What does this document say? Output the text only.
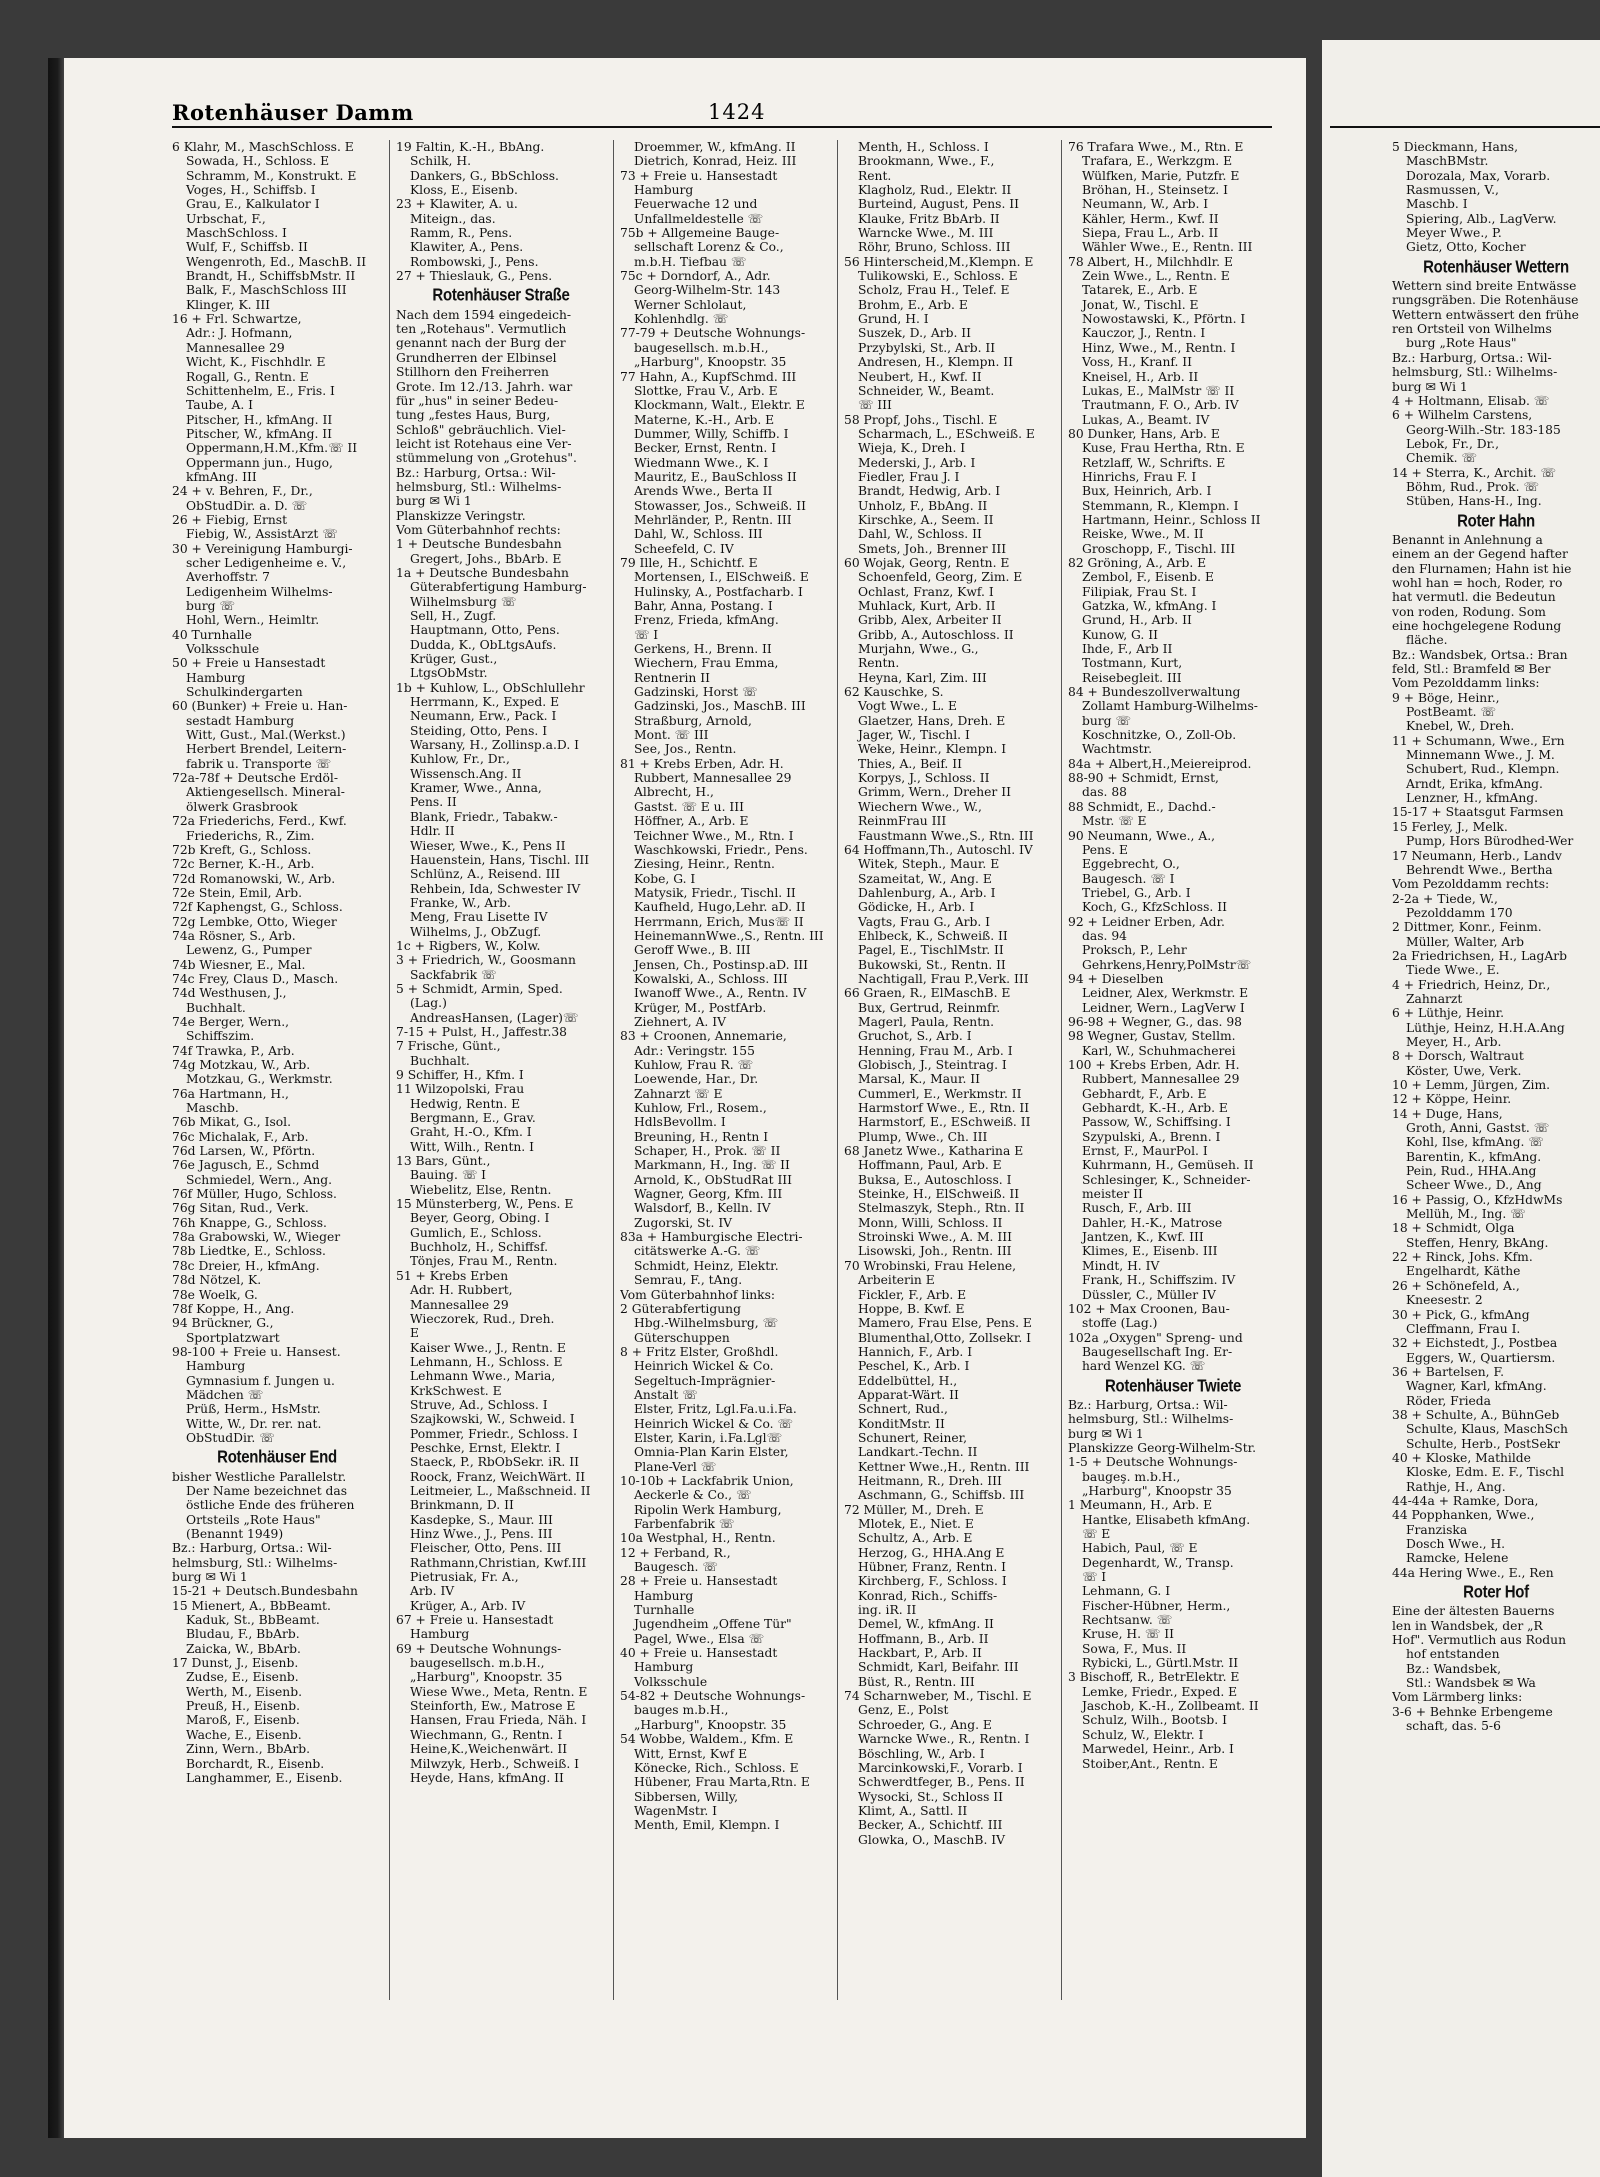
Rotenhäuser Damm	1424
6 Klahr, M., MaschSchloss. E
Sowada, H., Schloss. E
Schramm, M., Konstrukt. E
Voges, H., Schiffsb. I
Grau, E., Kalkulator I
Urbschat, F.,
MaschSchloss. I
Wulf, F., Schiffsb. II
Wengenroth, Ed., MaschB. II
Brandt, H., SchiffsbMstr. II
Balk, F., MaschSchloss III
Klinger, K. III
16 + Frl. Schwartze,
Adr.: J. Hofmann,
Mannesallee 29
Wicht, K., Fischhdlr. E
Rogall, G., Rentn. E
Schittenhelm, E., Fris. I
Taube, A. I
Pitscher, H., kfmAng. II
Pitscher, W., kfmAng. II
Oppermann,H.M.,Kfm.☏ II
Oppermann jun., Hugo,
kfmAng. III
24 + v. Behren, F., Dr.,
ObStudDir. a. D. ☏
26 + Fiebig, Ernst
Fiebig, W., AssistArzt ☏
30 + Vereinigung Hamburgi-
scher Ledigenheime e. V.,
Averhoffstr. 7
Ledigenheim Wilhelms-
burg ☏
Hohl, Wern., Heimltr.
40 Turnhalle
Volksschule
50 + Freie u Hansestadt
Hamburg
Schulkindergarten
60 (Bunker) + Freie u. Han-
sestadt Hamburg
Witt, Gust., Mal.(Werkst.)
Herbert Brendel, Leitern-
fabrik u. Transporte ☏
72a-78f + Deutsche Erdöl-
Aktiengesellsch. Mineral-
ölwerk Grasbrook
72a Friederichs, Ferd., Kwf.
Friederichs, R., Zim.
72b Kreft, G., Schloss.
72c Berner, K.-H., Arb.
72d Romanowski, W., Arb.
72e Stein, Emil, Arb.
72f Kaphengst, G., Schloss.
72g Lembke, Otto, Wieger
74a Rösner, S., Arb.
Lewenz, G., Pumper
74b Wiesner, E., Mal.
74c Frey, Claus D., Masch.
74d Westhusen, J.,
Buchhalt.
74e Berger, Wern.,
Schiffszim.
74f Trawka, P., Arb.
74g Motzkau, W., Arb.
Motzkau, G., Werkmstr.
76a Hartmann, H.,
Maschb.
76b Mikat, G., Isol.
76c Michalak, F., Arb.
76d Larsen, W., Pförtn.
76e Jagusch, E., Schmd
Schmiedel, Wern., Ang.
76f Müller, Hugo, Schloss.
76g Sitan, Rud., Verk.
76h Knappe, G., Schloss.
78a Grabowski, W., Wieger
78b Liedtke, E., Schloss.
78c Dreier, H., kfmAng.
78d Nötzel, K.
78e Woelk, G.
78f Koppe, H., Ang.
94 Brückner, G.,
Sportplatzwart
98-100 + Freie u. Hansest.
Hamburg
Gymnasium f. Jungen u.
Mädchen ☏
Prüß, Herm., HsMstr.
Witte, W., Dr. rer. nat.
ObStudDir. ☏
Rotenhäuser End
bisher Westliche Parallelstr.
Der Name bezeichnet das
östliche Ende des früheren
Ortsteils „Rote Haus"
(Benannt 1949)
Bz.: Harburg, Ortsa.: Wil-
helmsburg, Stl.: Wilhelms-
burg ✉ Wi 1
15-21 + Deutsch.Bundesbahn
15 Mienert, A., BbBeamt.
Kaduk, St., BbBeamt.
Bludau, F., BbArb.
Zaicka, W., BbArb.
17 Dunst, J., Eisenb.
Zudse, E., Eisenb.
Werth, M., Eisenb.
Preuß, H., Eisenb.
Maroß, F., Eisenb.
Wache, E., Eisenb.
Zinn, Wern., BbArb.
Borchardt, R., Eisenb.
Langhammer, E., Eisenb.
19 Faltin, K.-H., BbAng.
Schilk, H.
Dankers, G., BbSchloss.
Kloss, E., Eisenb.
23 + Klawiter, A. u.
Miteign., das.
Ramm, R., Pens.
Klawiter, A., Pens.
Rombowski, J., Pens.
27 + Thieslauk, G., Pens.
Rotenhäuser Straße
Nach dem 1594 eingedeich-
ten „Rotehaus". Vermutlich
genannt nach der Burg der
Grundherren der Elbinsel
Stillhorn den Freiherren
Grote. Im 12./13. Jahrh. war
für „hus" in seiner Bedeu-
tung „festes Haus, Burg,
Schloß" gebräuchlich. Viel-
leicht ist Rotehaus eine Ver-
stümmelung von „Grotehus".
Bz.: Harburg, Ortsa.: Wil-
helmsburg, Stl.: Wilhelms-
burg ✉ Wi 1
Planskizze Veringstr.
Vom Güterbahnhof rechts:
1 + Deutsche Bundesbahn
Gregert, Johs., BbArb. E
1a + Deutsche Bundesbahn
Güterabfertigung Hamburg-
Wilhelmsburg ☏
Sell, H., Zugf.
Hauptmann, Otto, Pens.
Dudda, K., ObLtgsAufs.
Krüger, Gust.,
LtgsObMstr.
1b + Kuhlow, L., ObSchlullehr
Herrmann, K., Exped. E
Neumann, Erw., Pack. I
Steiding, Otto, Pens. I
Warsany, H., Zollinsp.a.D. I
Kuhlow, Fr., Dr.,
Wissensch.Ang. II
Kramer, Wwe., Anna,
Pens. II
Blank, Friedr., Tabakw.-
Hdlr. II
Wieser, Wwe., K., Pens II
Hauenstein, Hans, Tischl. III
Schlünz, A., Reisend. III
Rehbein, Ida, Schwester IV
Franke, W., Arb.
Meng, Frau Lisette IV
Wilhelms, J., ObZugf.
1c + Rigbers, W., Kolw.
3 + Friedrich, W., Goosmann
Sackfabrik ☏
5 + Schmidt, Armin, Sped.
(Lag.)
AndreasHansen, (Lager)☏
7-15 + Pulst, H., Jaffestr.38
7 Frische, Günt.,
Buchhalt.
9 Schiffer, H., Kfm. I
11 Wilzopolski, Frau
Hedwig, Rentn. E
Bergmann, E., Grav.
Graht, H.-O., Kfm. I
Witt, Wilh., Rentn. I
13 Bars, Günt.,
Bauing. ☏ I
Wiebelitz, Else, Rentn.
15 Münsterberg, W., Pens. E
Beyer, Georg, Obing. I
Gumlich, E., Schloss.
Buchholz, H., Schiffsf.
Tönjes, Frau M., Rentn.
51 + Krebs Erben
Adr. H. Rubbert,
Mannesallee 29
Wieczorek, Rud., Dreh.
E
Kaiser Wwe., J., Rentn. E
Lehmann, H., Schloss. E
Lehmann Wwe., Maria,
KrkSchwest. E
Struve, Ad., Schloss. I
Szajkowski, W., Schweid. I
Pommer, Friedr., Schloss. I
Peschke, Ernst, Elektr. I
Staeck, P., RbObSekr. iR. II
Roock, Franz, WeichWärt. II
Leitmeier, L., Maßschneid. II
Brinkmann, D. II
Kasdepke, S., Maur. III
Hinz Wwe., J., Pens. III
Fleischer, Otto, Pens. III
Rathmann,Christian, Kwf.III
Pietrusiak, Fr. A.,
Arb. IV
Krüger, A., Arb. IV
67 + Freie u. Hansestadt
Hamburg
69 + Deutsche Wohnungs-
baugesellsch. m.b.H.,
„Harburg", Knoopstr. 35
Wiese Wwe., Meta, Rentn. E
Steinforth, Ew., Matrose E
Hansen, Frau Frieda, Näh. I
Wiechmann, G., Rentn. I
Heine,K.,Weichenwärt. II
Milwzyk, Herb., Schweiß. I
Heyde, Hans, kfmAng. II
Droemmer, W., kfmAng. II
Dietrich, Konrad, Heiz. III
73 + Freie u. Hansestadt
Hamburg
Feuerwache 12 und
Unfallmeldestelle ☏
75b + Allgemeine Bauge-
sellschaft Lorenz & Co.,
m.b.H. Tiefbau ☏
75c + Dorndorf, A., Adr.
Georg-Wilhelm-Str. 143
Werner Schlolaut,
Kohlenhdlg. ☏
77-79 + Deutsche Wohnungs-
baugesellsch. m.b.H.,
„Harburg", Knoopstr. 35
77 Hahn, A., KupfSchmd. III
Slottke, Frau V., Arb. E
Klockmann, Walt., Elektr. E
Materne, K.-H., Arb. E
Dummer, Willy, Schiffb. I
Becker, Ernst, Rentn. I
Wiedmann Wwe., K. I
Mauritz, E., BauSchloss II
Arends Wwe., Berta II
Stowasser, Jos., Schweiß. II
Mehrländer, P., Rentn. III
Dahl, W., Schloss. III
Scheefeld, C. IV
79 Ille, H., Schichtf. E
Mortensen, I., ElSchweiß. E
Hulinsky, A., Postfacharb. I
Bahr, Anna, Postang. I
Frenz, Frieda, kfmAng.
☏ I
Gerkens, H., Brenn. II
Wiechern, Frau Emma,
Rentnerin II
Gadzinski, Horst ☏
Gadzinski, Jos., MaschB. III
Straßburg, Arnold,
Mont. ☏ III
See, Jos., Rentn.
81 + Krebs Erben, Adr. H.
Rubbert, Mannesallee 29
Albrecht, H.,
Gastst. ☏ E u. III
Höffner, A., Arb. E
Teichner Wwe., M., Rtn. I
Waschkowski, Friedr., Pens.
Ziesing, Heinr., Rentn.
Kobe, G. I
Matysik, Friedr., Tischl. II
Kaufheld, Hugo,Lehr. aD. II
Herrmann, Erich, Mus☏ II
HeinemannWwe.,S., Rentn. III
Geroff Wwe., B. III
Jensen, Ch., Postinsp.aD. III
Kowalski, A., Schloss. III
Iwanoff Wwe., A., Rentn. IV
Krüger, M., PostfArb.
Ziehnert, A. IV
83 + Croonen, Annemarie,
Adr.: Veringstr. 155
Kuhlow, Frau R. ☏
Loewende, Har., Dr.
Zahnarzt ☏ E
Kuhlow, Frl., Rosem.,
HdlsBevollm. I
Breuning, H., Rentn I
Schaper, H., Prok. ☏ II
Markmann, H., Ing. ☏ II
Arnold, K., ObStudRat III
Wagner, Georg, Kfm. III
Walsdorf, B., Kelln. IV
Zugorski, St. IV
83a + Hamburgische Electri-
citätswerke A.-G. ☏
Schmidt, Heinz, Elektr.
Semrau, F., tAng.
Vom Güterbahnhof links:
2 Güterabfertigung
Hbg.-Wilhelmsburg, ☏
Güterschuppen
8 + Fritz Elster, Großhdl.
Heinrich Wickel & Co.
Segeltuch-Imprägnier-
Anstalt ☏
Elster, Fritz, Lgl.Fa.u.i.Fa.
Heinrich Wickel & Co. ☏
Elster, Karin, i.Fa.Lgl☏
Omnia-Plan Karin Elster,
Plane-Verl ☏
10-10b + Lackfabrik Union,
Aeckerle & Co., ☏
Ripolin Werk Hamburg,
Farbenfabrik ☏
10a Westphal, H., Rentn.
12 + Ferband, R.,
Baugesch. ☏
28 + Freie u. Hansestadt
Hamburg
Turnhalle
Jugendheim „Offene Tür"
Pagel, Wwe., Elsa ☏
40 + Freie u. Hansestadt
Hamburg
Volksschule
54-82 + Deutsche Wohnungs-
bauges m.b.H.,
„Harburg", Knoopstr. 35
54 Wobbe, Waldem., Kfm. E
Witt, Ernst, Kwf E
Könecke, Rich., Schloss. E
Hübener, Frau Marta,Rtn. E
Sibbersen, Willy,
WagenMstr. I
Menth, Emil, Klempn. I
Menth, H., Schloss. I
Brookmann, Wwe., F.,
Rent.
Klagholz, Rud., Elektr. II
Burteind, August, Pens. II
Klauke, Fritz BbArb. II
Warncke Wwe., M. III
Röhr, Bruno, Schloss. III
56 Hinterscheid,M.,Klempn. E
Tulikowski, E., Schloss. E
Scholz, Frau H., Telef. E
Brohm, E., Arb. E
Grund, H. I
Suszek, D., Arb. II
Przybylski, St., Arb. II
Andresen, H., Klempn. II
Neubert, H., Kwf. II
Schneider, W., Beamt.
☏ III
58 Propf, Johs., Tischl. E
Scharmach, L., ESchweiß. E
Wieja, K., Dreh. I
Mederski, J., Arb. I
Fiedler, Frau J. I
Brandt, Hedwig, Arb. I
Unholz, F., BbAng. II
Kirschke, A., Seem. II
Dahl, W., Schloss. II
Smets, Joh., Brenner III
60 Wojak, Georg, Rentn. E
Schoenfeld, Georg, Zim. E
Ochlast, Franz, Kwf. I
Muhlack, Kurt, Arb. II
Gribb, Alex, Arbeiter II
Gribb, A., Autoschloss. II
Murjahn, Wwe., G.,
Rentn.
Heyna, Karl, Zim. III
62 Kauschke, S.
Vogt Wwe., L. E
Glaetzer, Hans, Dreh. E
Jager, W., Tischl. I
Weke, Heinr., Klempn. I
Thies, A., Beif. II
Korpys, J., Schloss. II
Grimm, Wern., Dreher II
Wiechern Wwe., W.,
ReinmFrau III
Faustmann Wwe.,S., Rtn. III
64 Hoffmann,Th., Autoschl. IV
Witek, Steph., Maur. E
Szameitat, W., Ang. E
Dahlenburg, A., Arb. I
Gödicke, H., Arb. I
Vagts, Frau G., Arb. I
Ehlbeck, K., Schweiß. II
Pagel, E., TischlMstr. II
Bukowski, St., Rentn. II
Nachtigall, Frau P.,Verk. III
66 Graen, R., ElMaschB. E
Bux, Gertrud, Reinmfr.
Magerl, Paula, Rentn.
Gruchot, S., Arb. I
Henning, Frau M., Arb. I
Globisch, J., Steintrag. I
Marsal, K., Maur. II
Cummerl, E., Werkmstr. II
Harmstorf Wwe., E., Rtn. II
Harmstorf, E., ESchweiß. II
Plump, Wwe., Ch. III
68 Janetz Wwe., Katharina E
Hoffmann, Paul, Arb. E
Buksa, E., Autoschloss. I
Steinke, H., ElSchweiß. II
Stelmaszyk, Steph., Rtn. II
Monn, Willi, Schloss. II
Stroinski Wwe., A. M. III
Lisowski, Joh., Rentn. III
70 Wrobinski, Frau Helene,
Arbeiterin E
Fickler, F., Arb. E
Hoppe, B. Kwf. E
Mamero, Frau Else, Pens. E
Blumenthal,Otto, Zollsekr. I
Hannich, F., Arb. I
Peschel, K., Arb. I
Eddelbüttel, H.,
Apparat-Wärt. II
Schnert, Rud.,
KonditMstr. II
Schunert, Reiner,
Landkart.-Techn. II
Kettner Wwe.,H., Rentn. III
Heitmann, R., Dreh. III
Aschmann, G., Schiffsb. III
72 Müller, M., Dreh. E
Mlotek, E., Niet. E
Schultz, A., Arb. E
Herzog, G., HHA.Ang E
Hübner, Franz, Rentn. I
Kirchberg, F., Schloss. I
Konrad, Rich., Schiffs-
ing. iR. II
Demel, W., kfmAng. II
Hoffmann, B., Arb. II
Hackbart, P., Arb. II
Schmidt, Karl, Beifahr. III
Büst, R., Rentn. III
74 Scharnweber, M., Tischl. E
Genz, E., Polst
Schroeder, G., Ang. E
Warncke Wwe., R., Rentn. I
Böschling, W., Arb. I
Marcinkowski,F., Vorarb. I
Schwerdtfeger, B., Pens. II
Wysocki, St., Schloss II
Klimt, A., Sattl. II
Becker, A., Schichtf. III
Glowka, O., MaschB. IV
76 Trafara Wwe., M., Rtn. E
Trafara, E., Werkzgm. E
Wülfken, Marie, Putzfr. E
Bröhan, H., Steinsetz. I
Neumann, W., Arb. I
Kähler, Herm., Kwf. II
Siepa, Frau L., Arb. II
Wähler Wwe., E., Rentn. III
78 Albert, H., Milchhdlr. E
Zein Wwe., L., Rentn. E
Tatarek, E., Arb. E
Jonat, W., Tischl. E
Nowostawski, K., Pförtn. I
Kauczor, J., Rentn. I
Hinz, Wwe., M., Rentn. I
Voss, H., Kranf. II
Kneisel, H., Arb. II
Lukas, E., MalMstr ☏ II
Trautmann, F. O., Arb. IV
Lukas, A., Beamt. IV
80 Dunker, Hans, Arb. E
Kuse, Frau Hertha, Rtn. E
Retzlaff, W., Schrifts. E
Hinrichs, Frau F. I
Bux, Heinrich, Arb. I
Stemmann, R., Klempn. I
Hartmann, Heinr., Schloss II
Reiske, Wwe., M. II
Groschopp, F., Tischl. III
82 Gröning, A., Arb. E
Zembol, F., Eisenb. E
Filipiak, Frau St. I
Gatzka, W., kfmAng. I
Grund, H., Arb. II
Kunow, G. II
Ihde, F., Arb II
Tostmann, Kurt,
Reisebegleit. III
84 + Bundeszollverwaltung
Zollamt Hamburg-Wilhelms-
burg ☏
Koschnitzke, O., Zoll-Ob.
Wachtmstr.
84a + Albert,H.,Meiereiprod.
88-90 + Schmidt, Ernst,
das. 88
88 Schmidt, E., Dachd.-
Mstr. ☏ E
90 Neumann, Wwe., A.,
Pens. E
Eggebrecht, O.,
Baugesch. ☏ I
Triebel, G., Arb. I
Koch, G., KfzSchloss. II
92 + Leidner Erben, Adr.
das. 94
Proksch, P., Lehr
Gehrkens,Henry,PolMstr☏
94 + Dieselben
Leidner, Alex, Werkmstr. E
Leidner, Wern., LagVerw I
96-98 + Wegner, G., das. 98
98 Wegner, Gustav, Stellm.
Karl, W., Schuhmacherei
100 + Krebs Erben, Adr. H.
Rubbert, Mannesallee 29
Gebhardt, F., Arb. E
Gebhardt, K.-H., Arb. E
Passow, W., Schiffsing. I
Szypulski, A., Brenn. I
Ernst, F., MaurPol. I
Kuhrmann, H., Gemüseh. II
Schlesinger, K., Schneider-
meister II
Rusch, F., Arb. III
Dahler, H.-K., Matrose
Jantzen, K., Kwf. III
Klimes, E., Eisenb. III
Mindt, H. IV
Frank, H., Schiffszim. IV
Düssler, C., Müller IV
102 + Max Croonen, Bau-
stoffe (Lag.)
102a „Oxygen" Spreng- und
Baugesellschaft Ing. Er-
hard Wenzel KG. ☏
Rotenhäuser Twiete
Bz.: Harburg, Ortsa.: Wil-
helmsburg, Stl.: Wilhelms-
burg ✉ Wi 1
Planskizze Georg-Wilhelm-Str.
1-5 + Deutsche Wohnungs-
baugeş. m.b.H.,
„Harburg", Knoopstr 35
1 Meumann, H., Arb. E
Hantke, Elisabeth kfmAng.
☏ E
Habich, Paul, ☏ E
Degenhardt, W., Transp.
☏ I
Lehmann, G. I
Fischer-Hübner, Herm.,
Rechtsanw. ☏
Kruse, H. ☏ II
Sowa, F., Mus. II
Rybicki, L., Gürtl.Mstr. II
3 Bischoff, R., BetrElektr. E
Lemke, Friedr., Exped. E
Jaschob, K.-H., Zollbeamt. II
Schulz, Wilh., Bootsb. I
Schulz, W., Elektr. I
Marwedel, Heinr., Arb. I
Stoiber,Ant., Rentn. E
5 Dieckmann, Hans,
MaschBMstr.
Dorozala, Max, Vorarb.
Rasmussen, V.,
Maschb. I
Spiering, Alb., LagVerw.
Meyer Wwe., P.
Gietz, Otto, Kocher
Rotenhäuser Wettern
Wettern sind breite Entwässe
rungsgräben. Die Rotenhäuse
Wettern entwässert den frühe
ren Ortsteil von Wilhelms
burg „Rote Haus"
Bz.: Harburg, Ortsa.: Wil-
helmsburg, Stl.: Wilhelms-
burg ✉ Wi 1
4 + Holtmann, Elisab. ☏
6 + Wilhelm Carstens,
Georg-Wilh.-Str. 183-185
Lebok, Fr., Dr.,
Chemik. ☏
14 + Sterra, K., Archit. ☏
Böhm, Rud., Prok. ☏
Stüben, Hans-H., Ing.
Roter Hahn
Benannt in Anlehnung a
einem an der Gegend hafter
den Flurnamen; Hahn ist hie
wohl han = hoch, Roder, ro
hat vermutl. die Bedeutun
von roden, Rodung. Som
eine hochgelegene Rodung
fläche.
Bz.: Wandsbek, Ortsa.: Bran
feld, Stl.: Bramfeld ✉ Ber
Vom Pezolddamm links:
9 + Böge, Heinr.,
PostBeamt. ☏
Knebel, W., Dreh.
11 + Schumann, Wwe., Ern
Minnemann Wwe., J. M.
Schubert, Rud., Klempn.
Arndt, Erika, kfmAng.
Lenzner, H., kfmAng.
15-17 + Staatsgut Farmsen
15 Ferley, J., Melk.
Pump, Hors Bürodhed-Wer
17 Neumann, Herb., Landv
Behrendt Wwe., Bertha
Vom Pezolddamm rechts:
2-2a + Tiede, W.,
Pezolddamm 170
2 Dittmer, Konr., Feinm.
Müller, Walter, Arb
2a Friedrichsen, H., LagArb
Tiede Wwe., E.
4 + Friedrich, Heinz, Dr.,
Zahnarzt
6 + Lüthje, Heinr.
Lüthje, Heinz, H.H.A.Ang
Meyer, H., Arb.
8 + Dorsch, Waltraut
Köster, Uwe, Verk.
10 + Lemm, Jürgen, Zim.
12 + Köppe, Heinr.
14 + Duge, Hans,
Groth, Anni, Gastst. ☏
Kohl, Ilse, kfmAng. ☏
Barentin, K., kfmAng.
Pein, Rud., HHA.Ang
Scheer Wwe., D., Ang
16 + Passig, O., KfzHdwMs
Mellüh, M., Ing. ☏
18 + Schmidt, Olga
Steffen, Henry, BkAng.
22 + Rinck, Johs. Kfm.
Engelhardt, Käthe
26 + Schönefeld, A.,
Kneesestr. 2
30 + Pick, G., kfmAng
Cleffmann, Frau I.
32 + Eichstedt, J., Postbea
Eggers, W., Quartiersm.
36 + Bartelsen, F.
Wagner, Karl, kfmAng.
Röder, Frieda
38 + Schulte, A., BühnGeb
Schulte, Klaus, MaschSch
Schulte, Herb., PostSekr
40 + Kloske, Mathilde
Kloske, Edm. E. F., Tischl
Rathje, H., Ang.
44-44a + Ramke, Dora,
44 Popphanken, Wwe.,
Franziska
Dosch Wwe., H.
Ramcke, Helene
44a Hering Wwe., E., Ren
Roter Hof
Eine der ältesten Bauerns
len in Wandsbek, der „R
Hof". Vermutlich aus Rodun
hof entstanden
Bz.: Wandsbek,
Stl.: Wandsbek ✉ Wa
Vom Lärmberg links:
3-6 + Behnke Erbengeme
schaft, das. 5-6
